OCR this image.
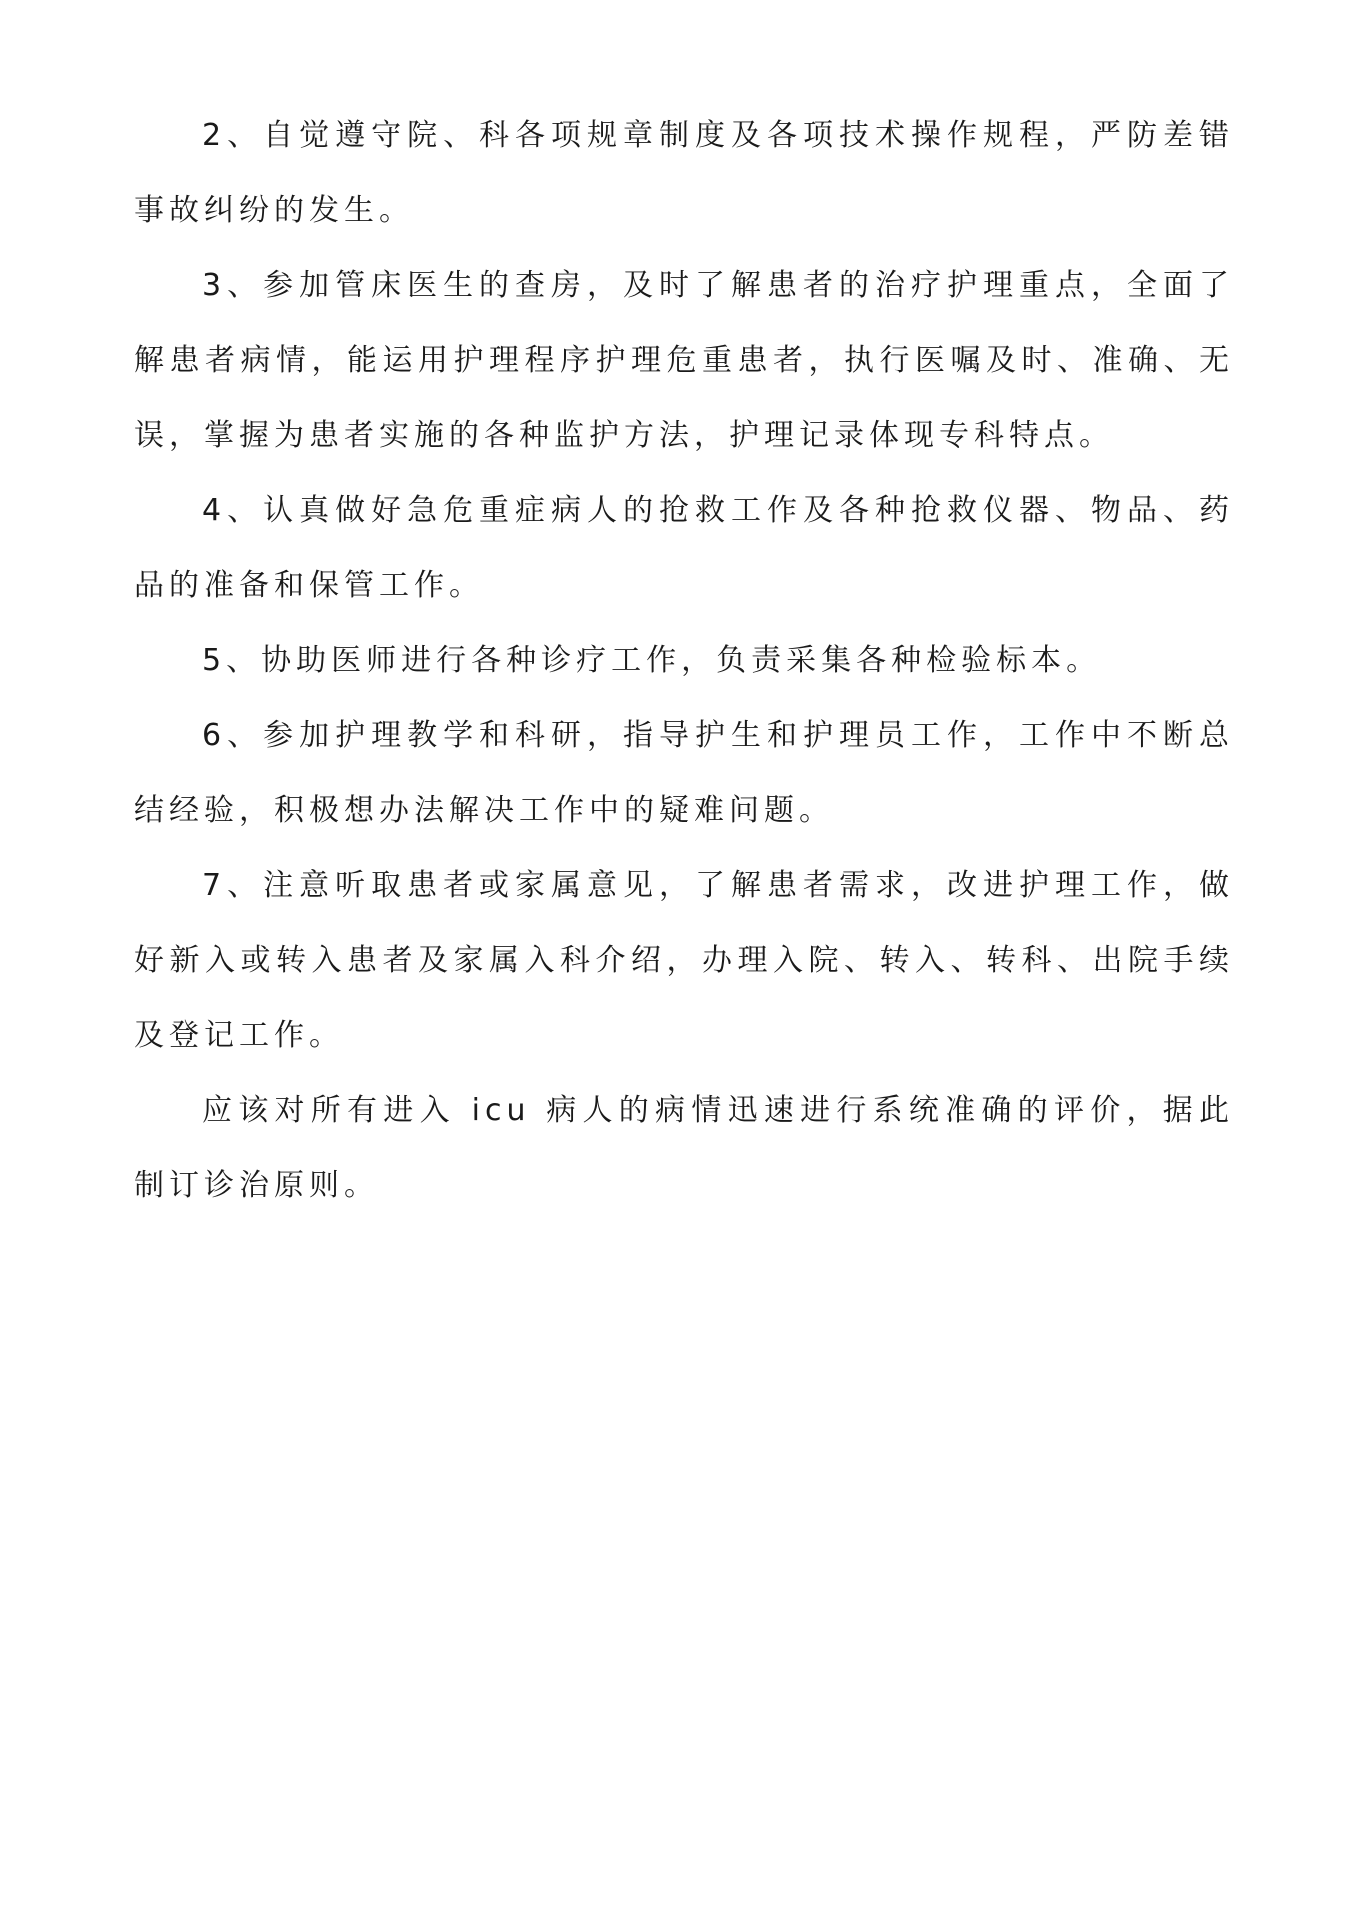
2、自觉遵守院、科各项规章制度及各项技术操作规程，严防差错事故纠纷的发生。

3、参加管床医生的查房，及时了解患者的治疗护理重点，全面了解患者病情，能运用护理程序护理危重患者，执行医嘱及时、准确、无误，掌握为患者实施的各种监护方法，护理记录体现专科特点。

4、认真做好急危重症病人的抢救工作及各种抢救仪器、物品、药品的准备和保管工作。

5、协助医师进行各种诊疗工作，负责采集各种检验标本。

6、参加护理教学和科研，指导护生和护理员工作，工作中不断总结经验，积极想办法解决工作中的疑难问题。

7、注意听取患者或家属意见，了解患者需求，改进护理工作，做好新入或转入患者及家属入科介绍，办理入院、转入、转科、出院手续及登记工作。

应该对所有进入 icu 病人的病情迅速进行系统准确的评价，据此制订诊治原则。
